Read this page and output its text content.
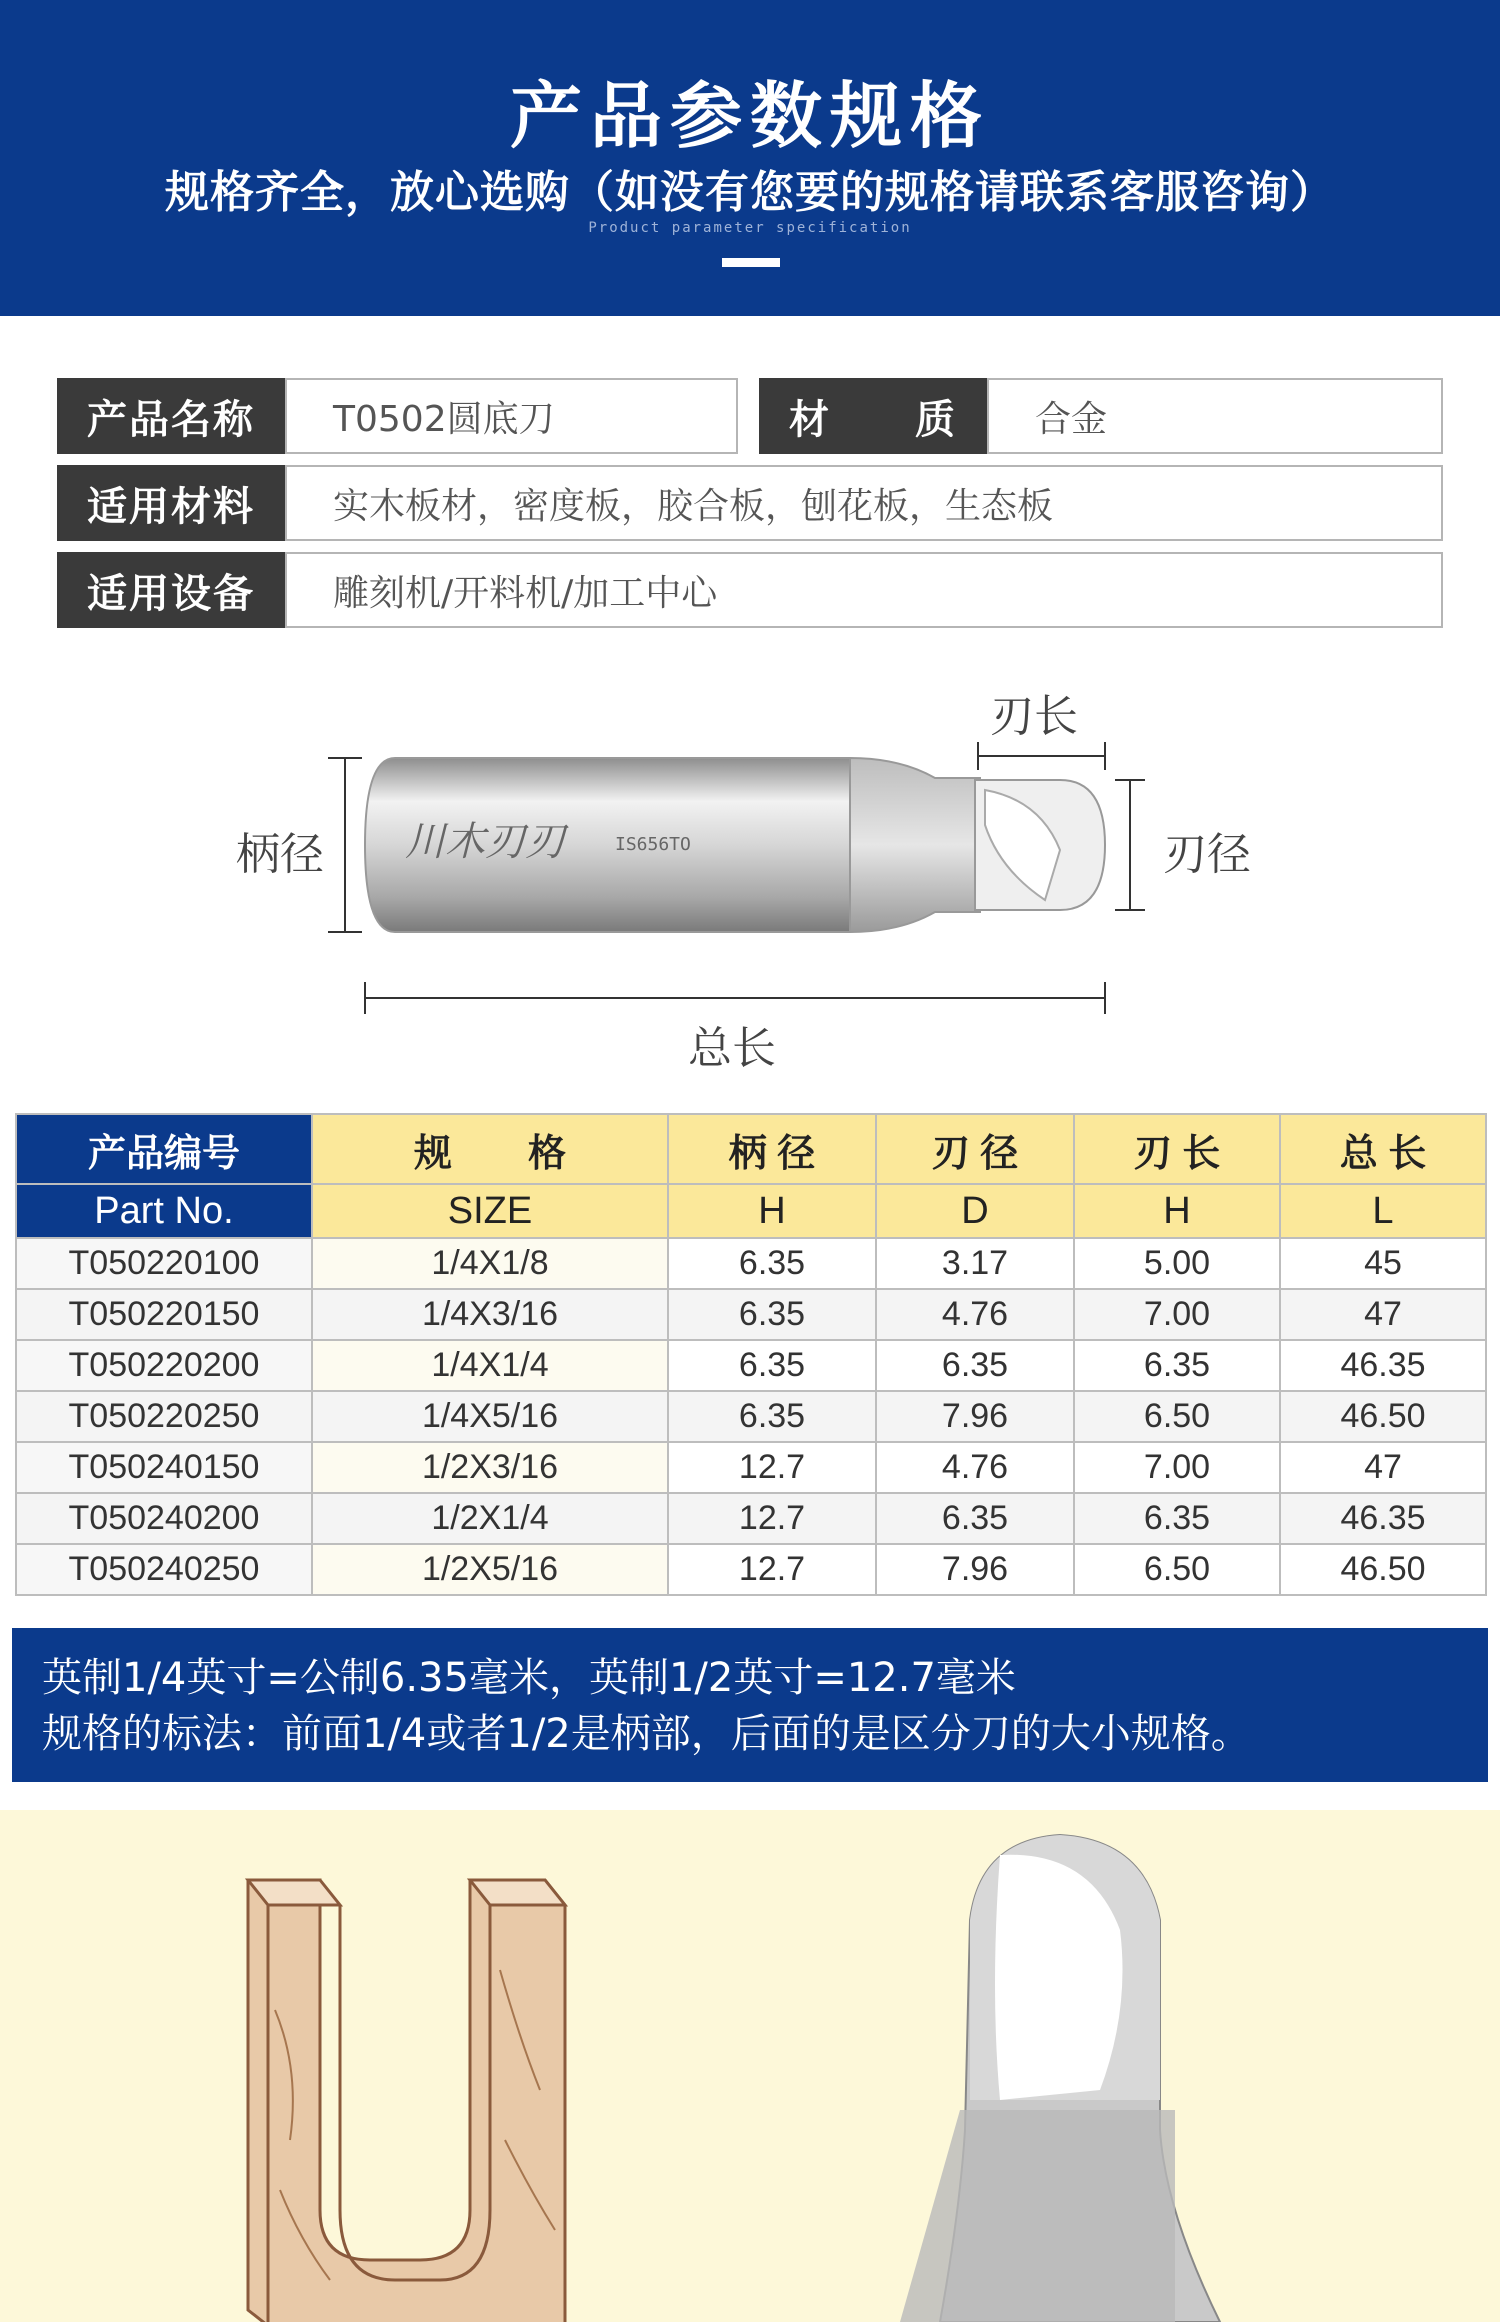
产品参数规格
规格齐全，放心选购（如没有您要的规格请联系客服咨询）
Product parameter specification
产品名称	T0502圆底刀	材　　质	合金
适用材料	实木板材，密度板，胶合板，刨花板，生态板
适用设备	雕刻机/开料机/加工中心
川木刃刃	IS656TO
柄径
刃长
刃径
总长
产品编号	规　　格	柄 径	刃 径	刃 长	总 长
Part No.	SIZE	H	D	H	L
T050220100	1/4X1/8	6.35	3.17	5.00	45
T050220150	1/4X3/16	6.35	4.76	7.00	47
T050220200	1/4X1/4	6.35	6.35	6.35	46.35
T050220250	1/4X5/16	6.35	7.96	6.50	46.50
T050240150	1/2X3/16	12.7	4.76	7.00	47
T050240200	1/2X1/4	12.7	6.35	6.35	46.35
T050240250	1/2X5/16	12.7	7.96	6.50	46.50
英制1/4英寸=公制6.35毫米，英制1/2英寸=12.7毫米
规格的标法：前面1/4或者1/2是柄部，后面的是区分刀的大小规格。
